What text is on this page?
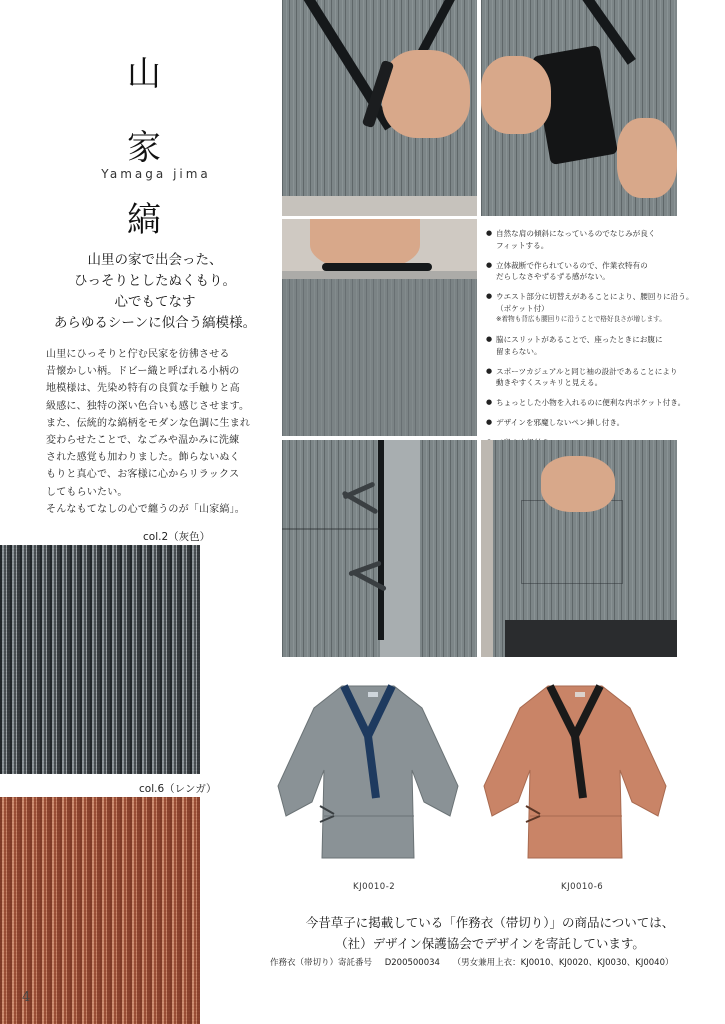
山
家
Yamaga jima
縞
山里の家で出会った、
ひっそりとしたぬくもり。
心でもてなす
あらゆるシーンに似合う縞模様。
山里にひっそりと佇む民家を彷彿させる
昔懐かしい柄。ドビー織と呼ばれる小柄の
地模様は、先染め特有の良質な手触りと高
級感に、独特の深い色合いも感じさせます。
また、伝統的な縞柄をモダンな色調に生まれ
変わらせたことで、なごみや温かみに洗練
された感覚も加わりました。飾らないぬく
もりと真心で、お客様に心からリラックス
してもらいたい。
そんなもてなしの心で纏うのが「山家縞」。
col.2（灰色）
col.6（レンガ）
4
● 自然な肩の傾斜になっているのでなじみが良く
フィットする。
● 立体裁断で作られているので、作業衣特有の
だらしなさやずるずる感がない。
● ウエスト部分に切替えがあることにより、腰回りに沿う。
（ポケット付）
※着物も背広も腰回りに沿うことで格好良さが増します。
● 脇にスリットがあることで、座ったときにお腹に
留まらない。
● スポーツカジュアルと同じ袖の設計であることにより
動きやすくスッキリと見える。
● ちょっとした小物を入れるのに便利な内ポケット付き。
● デザインを邪魔しないペン挿し付き。
●
KJ0010-2	KJ0010-6
今昔草子に掲載している「作務衣（帯切り）」の商品については、
（社）デザイン保護協会でデザインを寄託しています。
作務衣（帯切り）寄託番号 D200500034 （男女兼用上衣：KJ0010、KJ0020、KJ0030、KJ0040）
